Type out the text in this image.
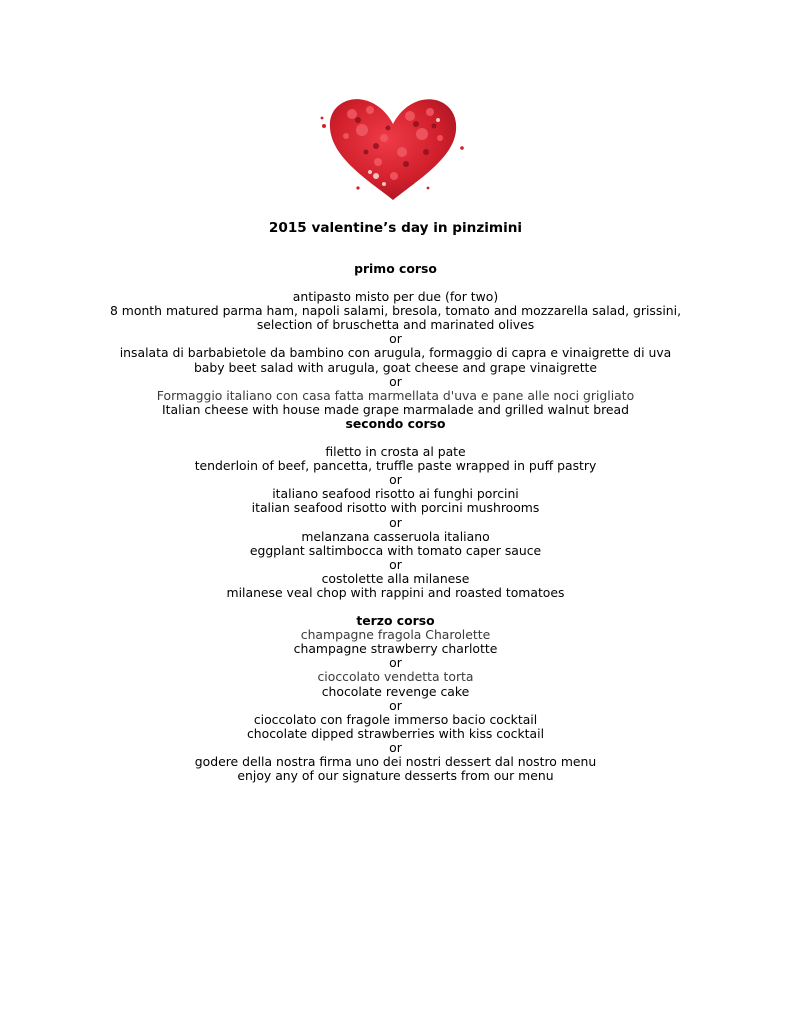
2015 valentine’s day in pinzimini
primo corso
antipasto misto per due (for two)
8 month matured parma ham, napoli salami, bresola, tomato and mozzarella salad, grissini,
selection of bruschetta and marinated olives
or
insalata di barbabietole da bambino con arugula, formaggio di capra e vinaigrette di uva
baby beet salad with arugula, goat cheese and grape vinaigrette
or
Formaggio italiano con casa fatta marmellata d'uva e pane alle noci grigliato
Italian cheese with house made grape marmalade and grilled walnut bread
secondo corso
filetto in crosta al pate
tenderloin of beef, pancetta, truffle paste wrapped in puff pastry
or
italiano seafood risotto ai funghi porcini
italian seafood risotto with porcini mushrooms
or
melanzana casseruola italiano
eggplant saltimbocca with tomato caper sauce
or
costolette alla milanese
milanese veal chop with rappini and roasted tomatoes
terzo corso
champagne fragola Charolette
champagne strawberry charlotte
or
cioccolato vendetta torta
chocolate revenge cake
or
cioccolato con fragole immerso bacio cocktail
chocolate dipped strawberries with kiss cocktail
or
godere della nostra firma uno dei nostri dessert dal nostro menu
enjoy any of our signature desserts from our menu
